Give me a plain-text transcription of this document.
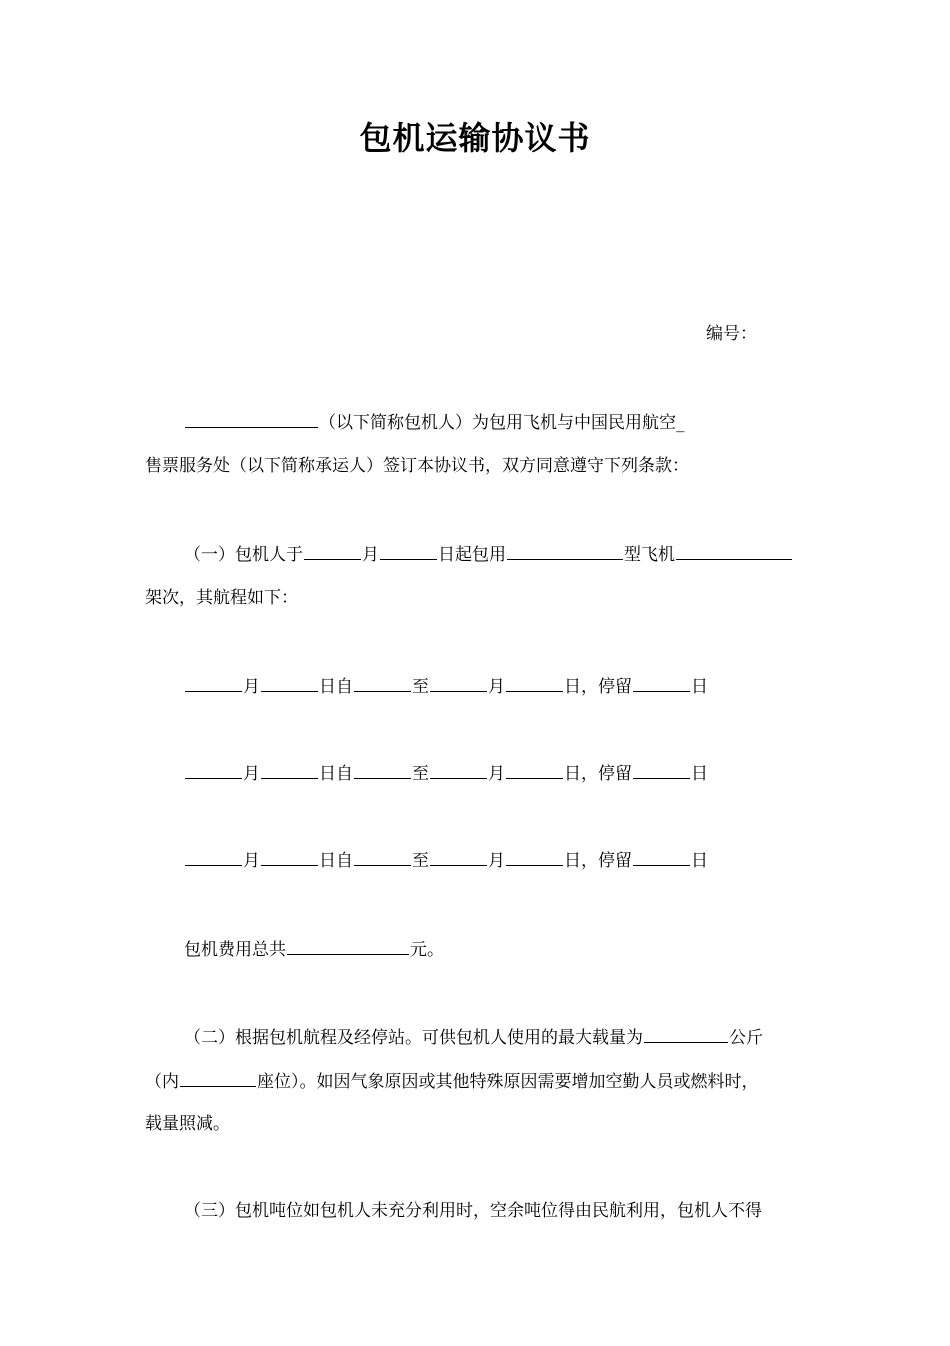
包机运输协议书
编号：
（以下简称包机人）为包用飞机与中国民用航空_
售票服务处（以下简称承运人）签订本协议书，双方同意遵守下列条款：
（一）包机人于	月	日起包用	型飞机
架次，其航程如下：
月	日自	至	月	日，停留	日
月	日自	至	月	日，停留	日
月	日自	至	月	日，停留	日
包机费用总共	元。
（二）根据包机航程及经停站。可供包机人使用的最大载量为	公斤
（内	座位）。如因气象原因或其他特殊原因需要增加空勤人员或燃料时，
载量照减。
（三）包机吨位如包机人未充分利用时，空余吨位得由民航利用，包机人不得
